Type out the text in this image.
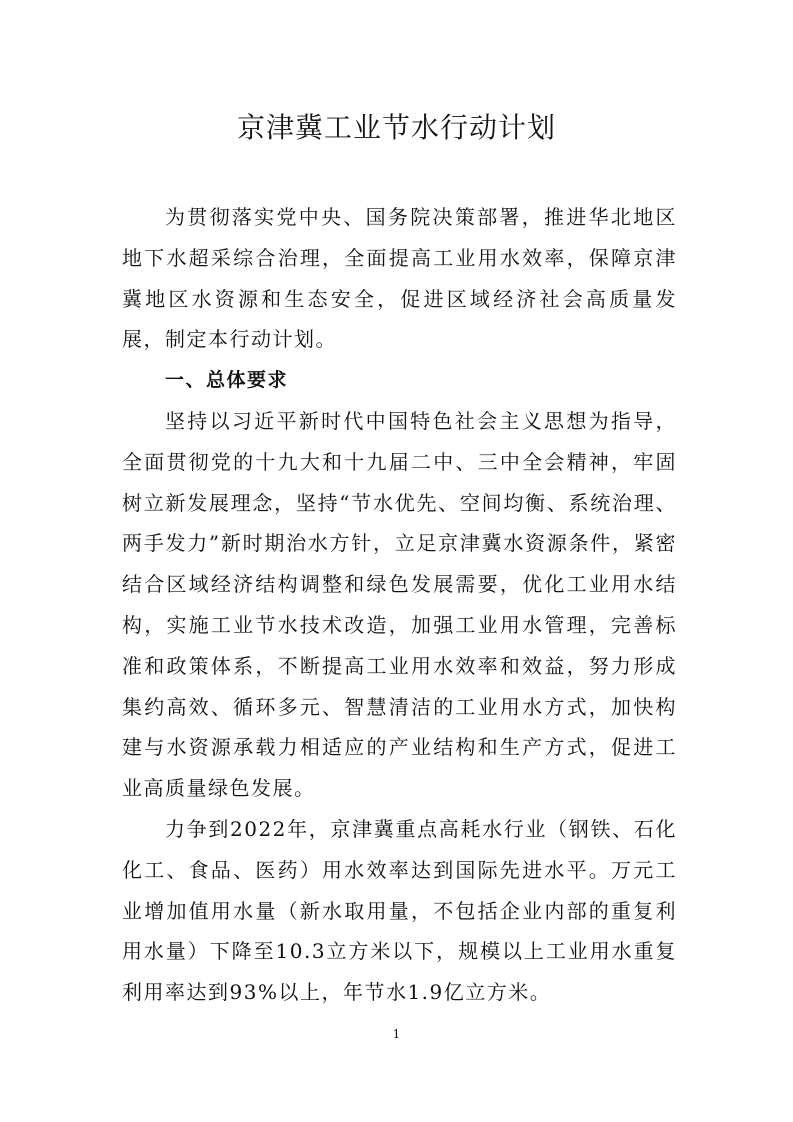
京津冀工业节水行动计划

为贯彻落实党中央、国务院决策部署，推进华北地区地下水超采综合治理，全面提高工业用水效率，保障京津冀地区水资源和生态安全，促进区域经济社会高质量发展，制定本行动计划。

一、总体要求

坚持以习近平新时代中国特色社会主义思想为指导，全面贯彻党的十九大和十九届二中、三中全会精神，牢固树立新发展理念，坚持“节水优先、空间均衡、系统治理、两手发力”新时期治水方针，立足京津冀水资源条件，紧密结合区域经济结构调整和绿色发展需要，优化工业用水结构，实施工业节水技术改造，加强工业用水管理，完善标准和政策体系，不断提高工业用水效率和效益，努力形成集约高效、循环多元、智慧清洁的工业用水方式，加快构建与水资源承载力相适应的产业结构和生产方式，促进工业高质量绿色发展。

力争到2022年，京津冀重点高耗水行业（钢铁、石化化工、食品、医药）用水效率达到国际先进水平。万元工业增加值用水量（新水取用量，不包括企业内部的重复利用水量）下降至10.3立方米以下，规模以上工业用水重复利用率达到93%以上，年节水1.9亿立方米。

1
